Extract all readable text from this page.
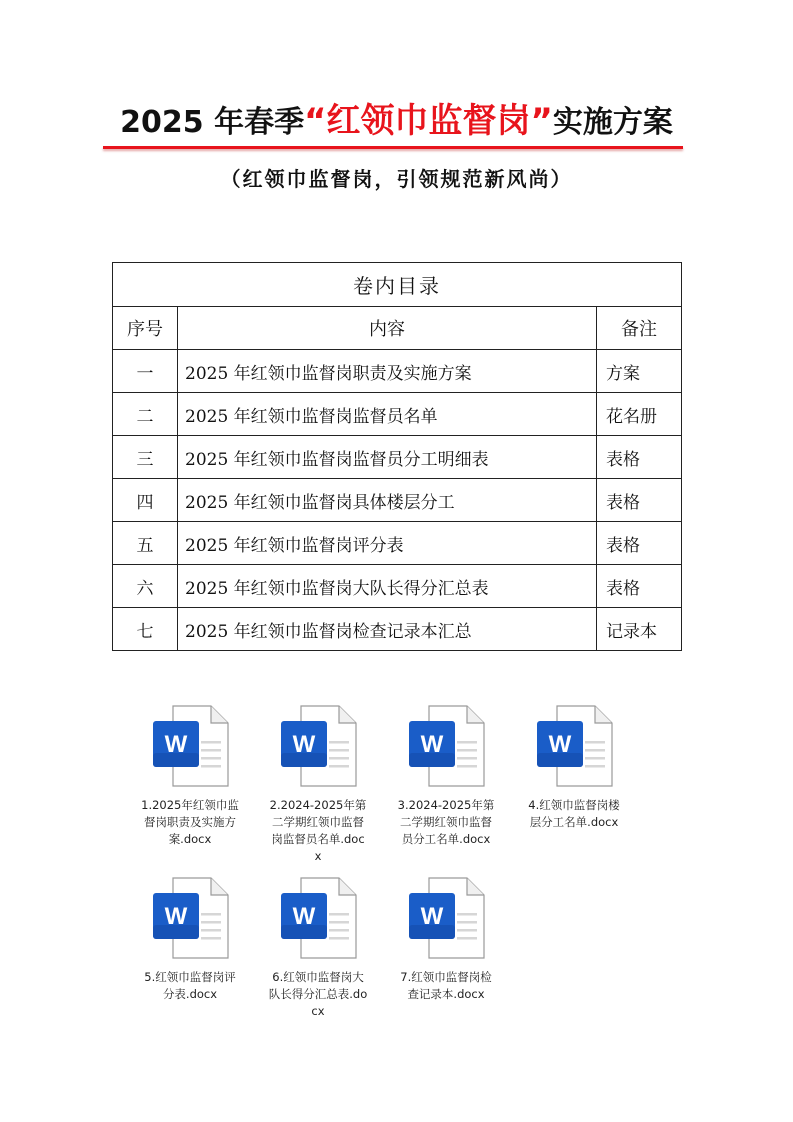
2025 年春季“红领巾监督岗”实施方案
（红领巾监督岗，引领规范新风尚）
卷内目录		
序号	内容	备注
一	2025 年红领巾监督岗职责及实施方案	方案
二	2025 年红领巾监督岗监督员名单	花名册
三	2025 年红领巾监督岗监督员分工明细表	表格
四	2025 年红领巾监督岗具体楼层分工	表格
五	2025 年红领巾监督岗评分表	表格
六	2025 年红领巾监督岗大队长得分汇总表	表格
七	2025 年红领巾监督岗检查记录本汇总	记录本
W
1.2025年红领巾监督岗职责及实施方案.docx
W
2.2024-2025年第二学期红领巾监督岗监督员名单.docx
W
3.2024-2025年第二学期红领巾监督员分工名单.docx
W
4.红领巾监督岗楼层分工名单.docx
W
5.红领巾监督岗评分表.docx
W
6.红领巾监督岗大队长得分汇总表.docx
W
7.红领巾监督岗检查记录本.docx
